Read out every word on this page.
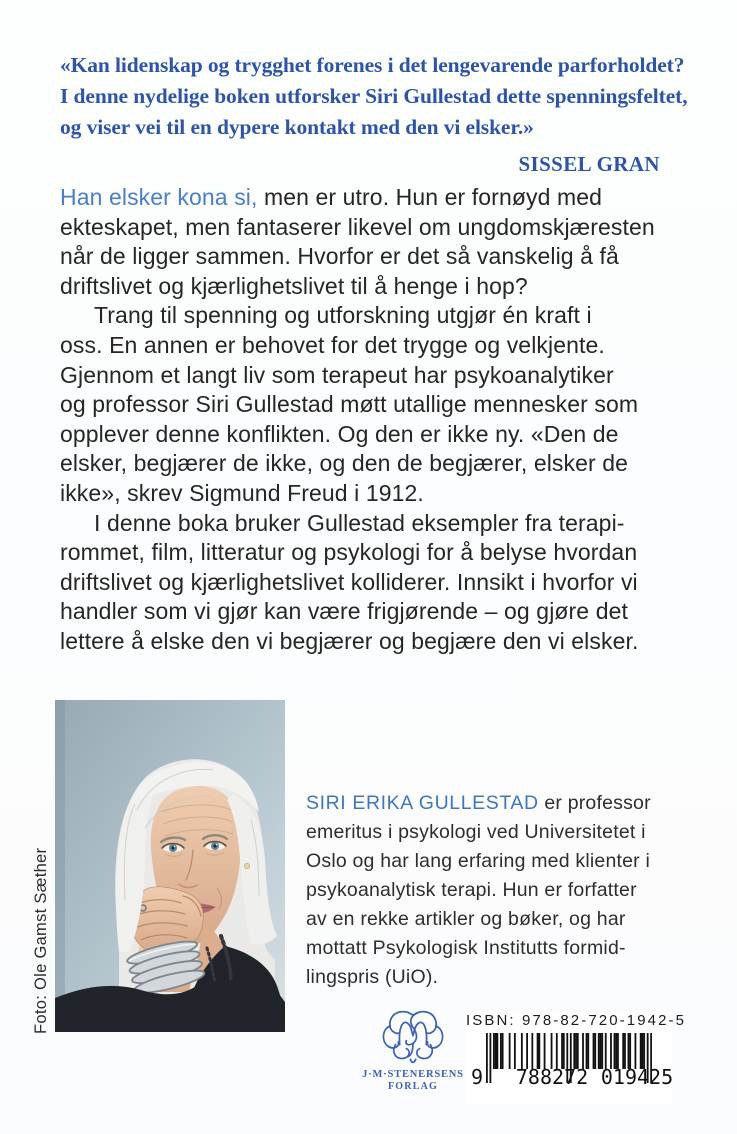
«Kan lidenskap og trygghet forenes i det lengevarende parforholdet?
I denne nydelige boken utforsker Siri Gullestad dette spenningsfeltet,
og viser vei til en dypere kontakt med den vi elsker.»
SISSEL GRAN
Han elsker kona si, men er utro. Hun er fornøyd med
ekteskapet, men fantaserer likevel om ungdomskjæresten
når de ligger sammen. Hvorfor er det så vanskelig å få
driftslivet og kjærlighetslivet til å henge i hop?
Trang til spenning og utforskning utgjør én kraft i
oss. En annen er behovet for det trygge og velkjente.
Gjennom et langt liv som terapeut har psykoanalytiker
og professor Siri Gullestad møtt utallige mennesker som
opplever denne konflikten. Og den er ikke ny. «Den de
elsker, begjærer de ikke, og den de begjærer, elsker de
ikke», skrev Sigmund Freud i 1912.
I denne boka bruker Gullestad eksempler fra terapi-
rommet, film, litteratur og psykologi for å belyse hvordan
driftslivet og kjærlighetslivet kolliderer. Innsikt i hvorfor vi
handler som vi gjør kan være frigjørende – og gjøre det
lettere å elske den vi begjærer og begjære den vi elsker.
Foto: Ole Gamst Sæther
SIRI ERIKA GULLESTAD er professor
emeritus i psykologi ved Universitetet i
Oslo og har lang erfaring med klienter i
psykoanalytisk terapi. Hun er forfatter
av en rekke artikler og bøker, og har
mottatt Psykologisk Institutts formid-
lingspris (UiO).
J·M·STENERSENS
FORLAG
ISBN: 978-82-720-1942-5
9 788272 019425
